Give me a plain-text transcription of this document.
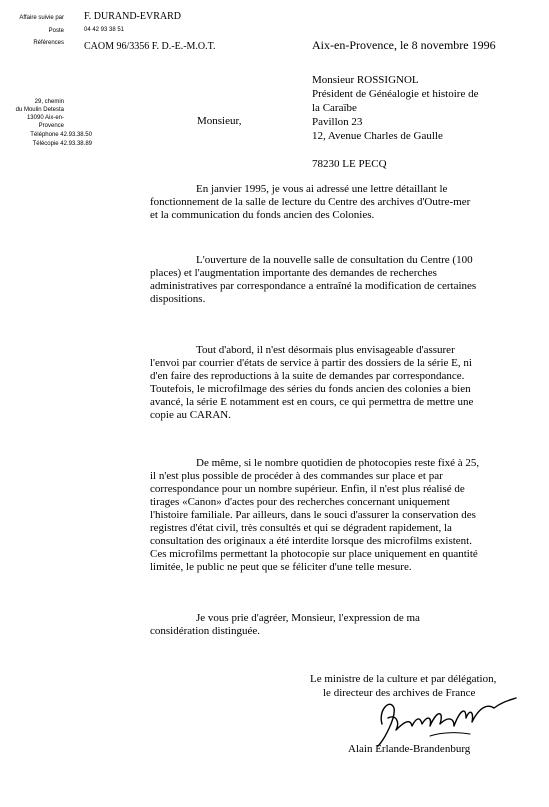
Affaire suivie par
Poste
Références
F. DURAND-EVRARD
04 42 93 38 51
CAOM 96/3356 F. D.-E.-M.O.T.
29, chemin
du Moulin Detesta
13090 Aix-en-Provence
Téléphone 42.93.38.50
Télécopie 42.93.38.89
Aix-en-Provence, le 8 novembre 1996
Monsieur ROSSIGNOL
Président de Généalogie et histoire de
la Caraïbe
Pavillon 23
12, Avenue Charles de Gaulle
78230 LE PECQ
Monsieur,
En janvier 1995, je vous ai adressé une lettre détaillant le
fonctionnement de la salle de lecture du Centre des archives d'Outre-mer
et la communication du fonds ancien des Colonies.
L'ouverture de la nouvelle salle de consultation du Centre (100
places) et l'augmentation importante des demandes de recherches
administratives par correspondance a entraîné la modification de certaines
dispositions.
Tout d'abord, il n'est désormais plus envisageable d'assurer
l'envoi par courrier d'états de service à partir des dossiers de la série E, ni
d'en faire des reproductions à la suite de demandes par correspondance.
Toutefois, le microfilmage des séries du fonds ancien des colonies a bien
avancé, la série E notamment est en cours, ce qui permettra de mettre une
copie au CARAN.
De même, si le nombre quotidien de photocopies reste fixé à 25,
il n'est plus possible de procéder à des commandes sur place et par
correspondance pour un nombre supérieur. Enfin, il n'est plus réalisé de
tirages «Canon» d'actes pour des recherches concernant uniquement
l'histoire familiale. Par ailleurs, dans le souci d'assurer la conservation des
registres d'état civil, très consultés et qui se dégradent rapidement, la
consultation des originaux a été interdite lorsque des microfilms existent.
Ces microfilms permettant la photocopie sur place uniquement en quantité
limitée, le public ne peut que se féliciter d'une telle mesure.
Je vous prie d'agréer, Monsieur, l'expression de ma
considération distinguée.
Le ministre de la culture et par délégation,
le directeur des archives de France
Alain Erlande-Brandenburg
